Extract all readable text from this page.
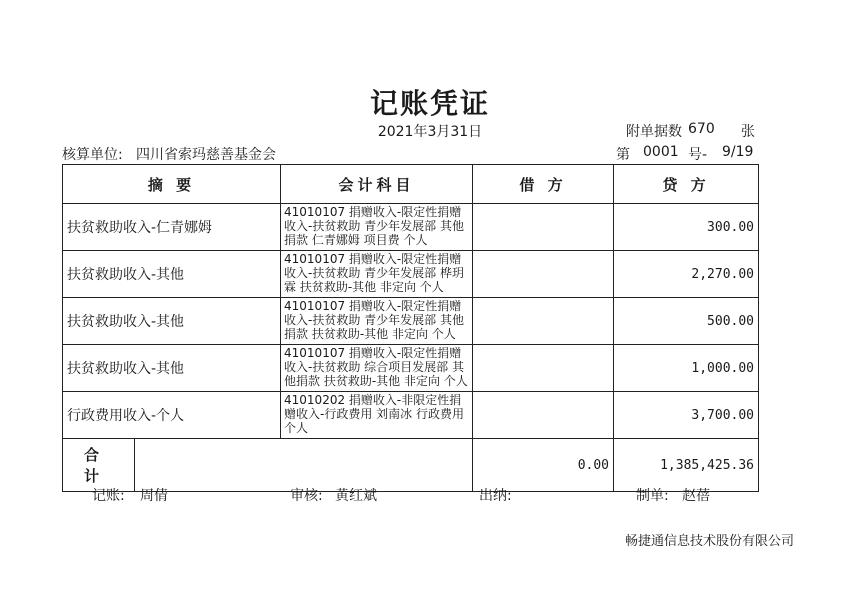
记账凭证
2021年3月31日	附单据数 670 张
核算单位: 四川省索玛慈善基金会	第 0001 号- 9/19
摘 要		会计科目	借 方	贷 方
扶贫救助收入-仁青娜姆		41010107 捐赠收入-限定性捐赠收入-扶贫救助 青少年发展部 其他捐款 仁青娜姆 项目费 个人		300.00
扶贫救助收入-其他		41010107 捐赠收入-限定性捐赠收入-扶贫救助 青少年发展部 桦玥霖 扶贫救助-其他 非定向 个人		2,270.00
扶贫救助收入-其他		41010107 捐赠收入-限定性捐赠收入-扶贫救助 青少年发展部 其他捐款 扶贫救助-其他 非定向 个人		500.00
扶贫救助收入-其他		41010107 捐赠收入-限定性捐赠收入-扶贫救助 综合项目发展部 其他捐款 扶贫救助-其他 非定向 个人		1,000.00
行政费用收入-个人		41010202 捐赠收入-非限定性捐赠收入-行政费用 刘南冰 行政费用 个人		3,700.00
合 计			0.00	1,385,425.36
记账: 周倩	审核: 黄红斌	出纳:	制单: 赵蓓
畅捷通信息技术股份有限公司
